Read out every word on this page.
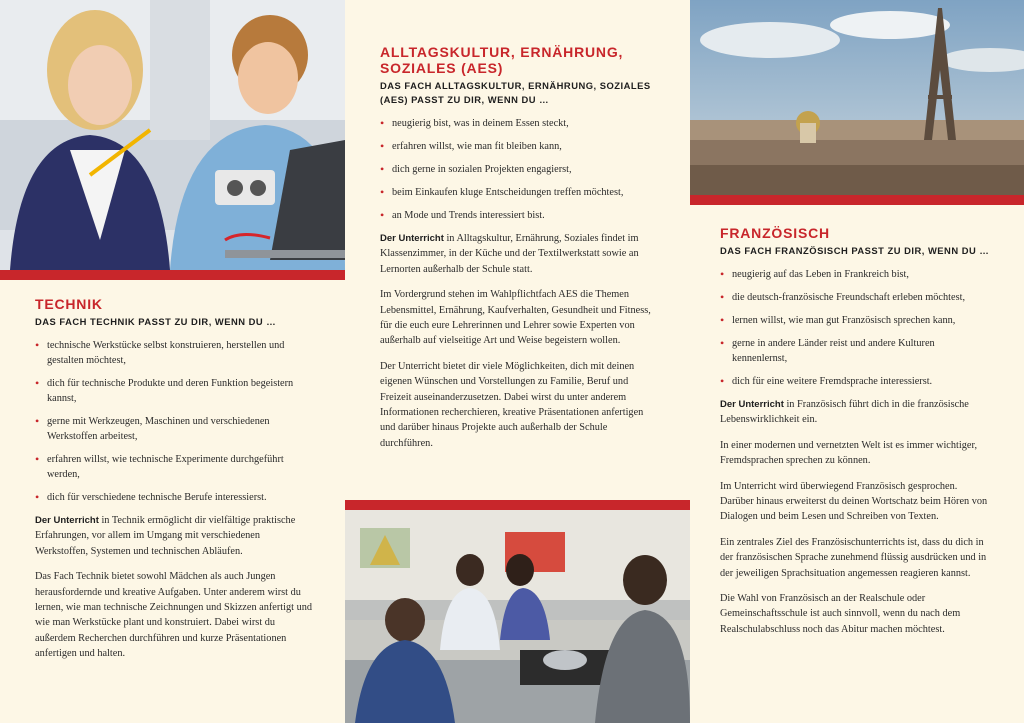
TECHNIK
DAS FACH TECHNIK PASST ZU DIR, WENN DU …
• technische Werkstücke selbst konstruieren, herstellen und gestalten möchtest,
• dich für technische Produkte und deren Funktion begeistern kannst,
• gerne mit Werkzeugen, Maschinen und verschiedenen Werkstoffen arbeitest,
• erfahren willst, wie technische Experimente durchgeführt werden,
• dich für verschiedene technische Berufe interessierst.

Der Unterricht in Technik ermöglicht dir vielfältige praktische Erfahrungen, vor allem im Umgang mit verschiedenen Werkstoffen, Systemen und technischen Abläufen.

Das Fach Technik bietet sowohl Mädchen als auch Jungen herausfordernde und kreative Aufgaben. Unter anderem wirst du lernen, wie man technische Zeichnungen und Skizzen anfertigt und wie man Werkstücke plant und konstruiert. Dabei wirst du außerdem Recherchen durchführen und kurze Präsentationen anfertigen und halten.

ALLTAGSKULTUR, ERNÄHRUNG, SOZIALES (AES)
DAS FACH ALLTAGSKULTUR, ERNÄHRUNG, SOZIALES (AES) PASST ZU DIR, WENN DU …
• neugierig bist, was in deinem Essen steckt,
• erfahren willst, wie man fit bleiben kann,
• dich gerne in sozialen Projekten engagierst,
• beim Einkaufen kluge Entscheidungen treffen möchtest,
• an Mode und Trends interessiert bist.

Der Unterricht in Alltagskultur, Ernährung, Soziales findet im Klassenzimmer, in der Küche und der Textilwerkstatt sowie an Lernorten außerhalb der Schule statt.

Im Vordergrund stehen im Wahlpflichtfach AES die Themen Lebensmittel, Ernährung, Kaufverhalten, Gesundheit und Fitness, für die euch eure Lehrerinnen und Lehrer sowie Experten von außerhalb auf vielseitige Art und Weise begeistern wollen.

Der Unterricht bietet dir viele Möglichkeiten, dich mit deinen eigenen Wünschen und Vorstellungen zu Familie, Beruf und Freizeit auseinanderzusetzen. Dabei wirst du unter anderem Informationen recherchieren, kreative Präsentationen anfertigen und darüber hinaus Projekte auch außerhalb der Schule durchführen.

FRANZÖSISCH
DAS FACH FRANZÖSISCH PASST ZU DIR, WENN DU …
• neugierig auf das Leben in Frankreich bist,
• die deutsch-französische Freundschaft erleben möchtest,
• lernen willst, wie man gut Französisch sprechen kann,
• gerne in andere Länder reist und andere Kulturen kennenlernst,
• dich für eine weitere Fremdsprache interessierst.

Der Unterricht in Französisch führt dich in die französische Lebenswirklichkeit ein.

In einer modernen und vernetzten Welt ist es immer wichtiger, Fremdsprachen sprechen zu können.

Im Unterricht wird überwiegend Französisch gesprochen. Darüber hinaus erweiterst du deinen Wortschatz beim Hören von Dialogen und beim Lesen und Schreiben von Texten.

Ein zentrales Ziel des Französischunterrichts ist, dass du dich in der französischen Sprache zunehmend flüssig ausdrücken und in der jeweiligen Sprachsituation angemessen reagieren kannst.

Die Wahl von Französisch an der Realschule oder Gemeinschaftsschule ist auch sinnvoll, wenn du nach dem Realschulabschluss noch das Abitur machen möchtest.
